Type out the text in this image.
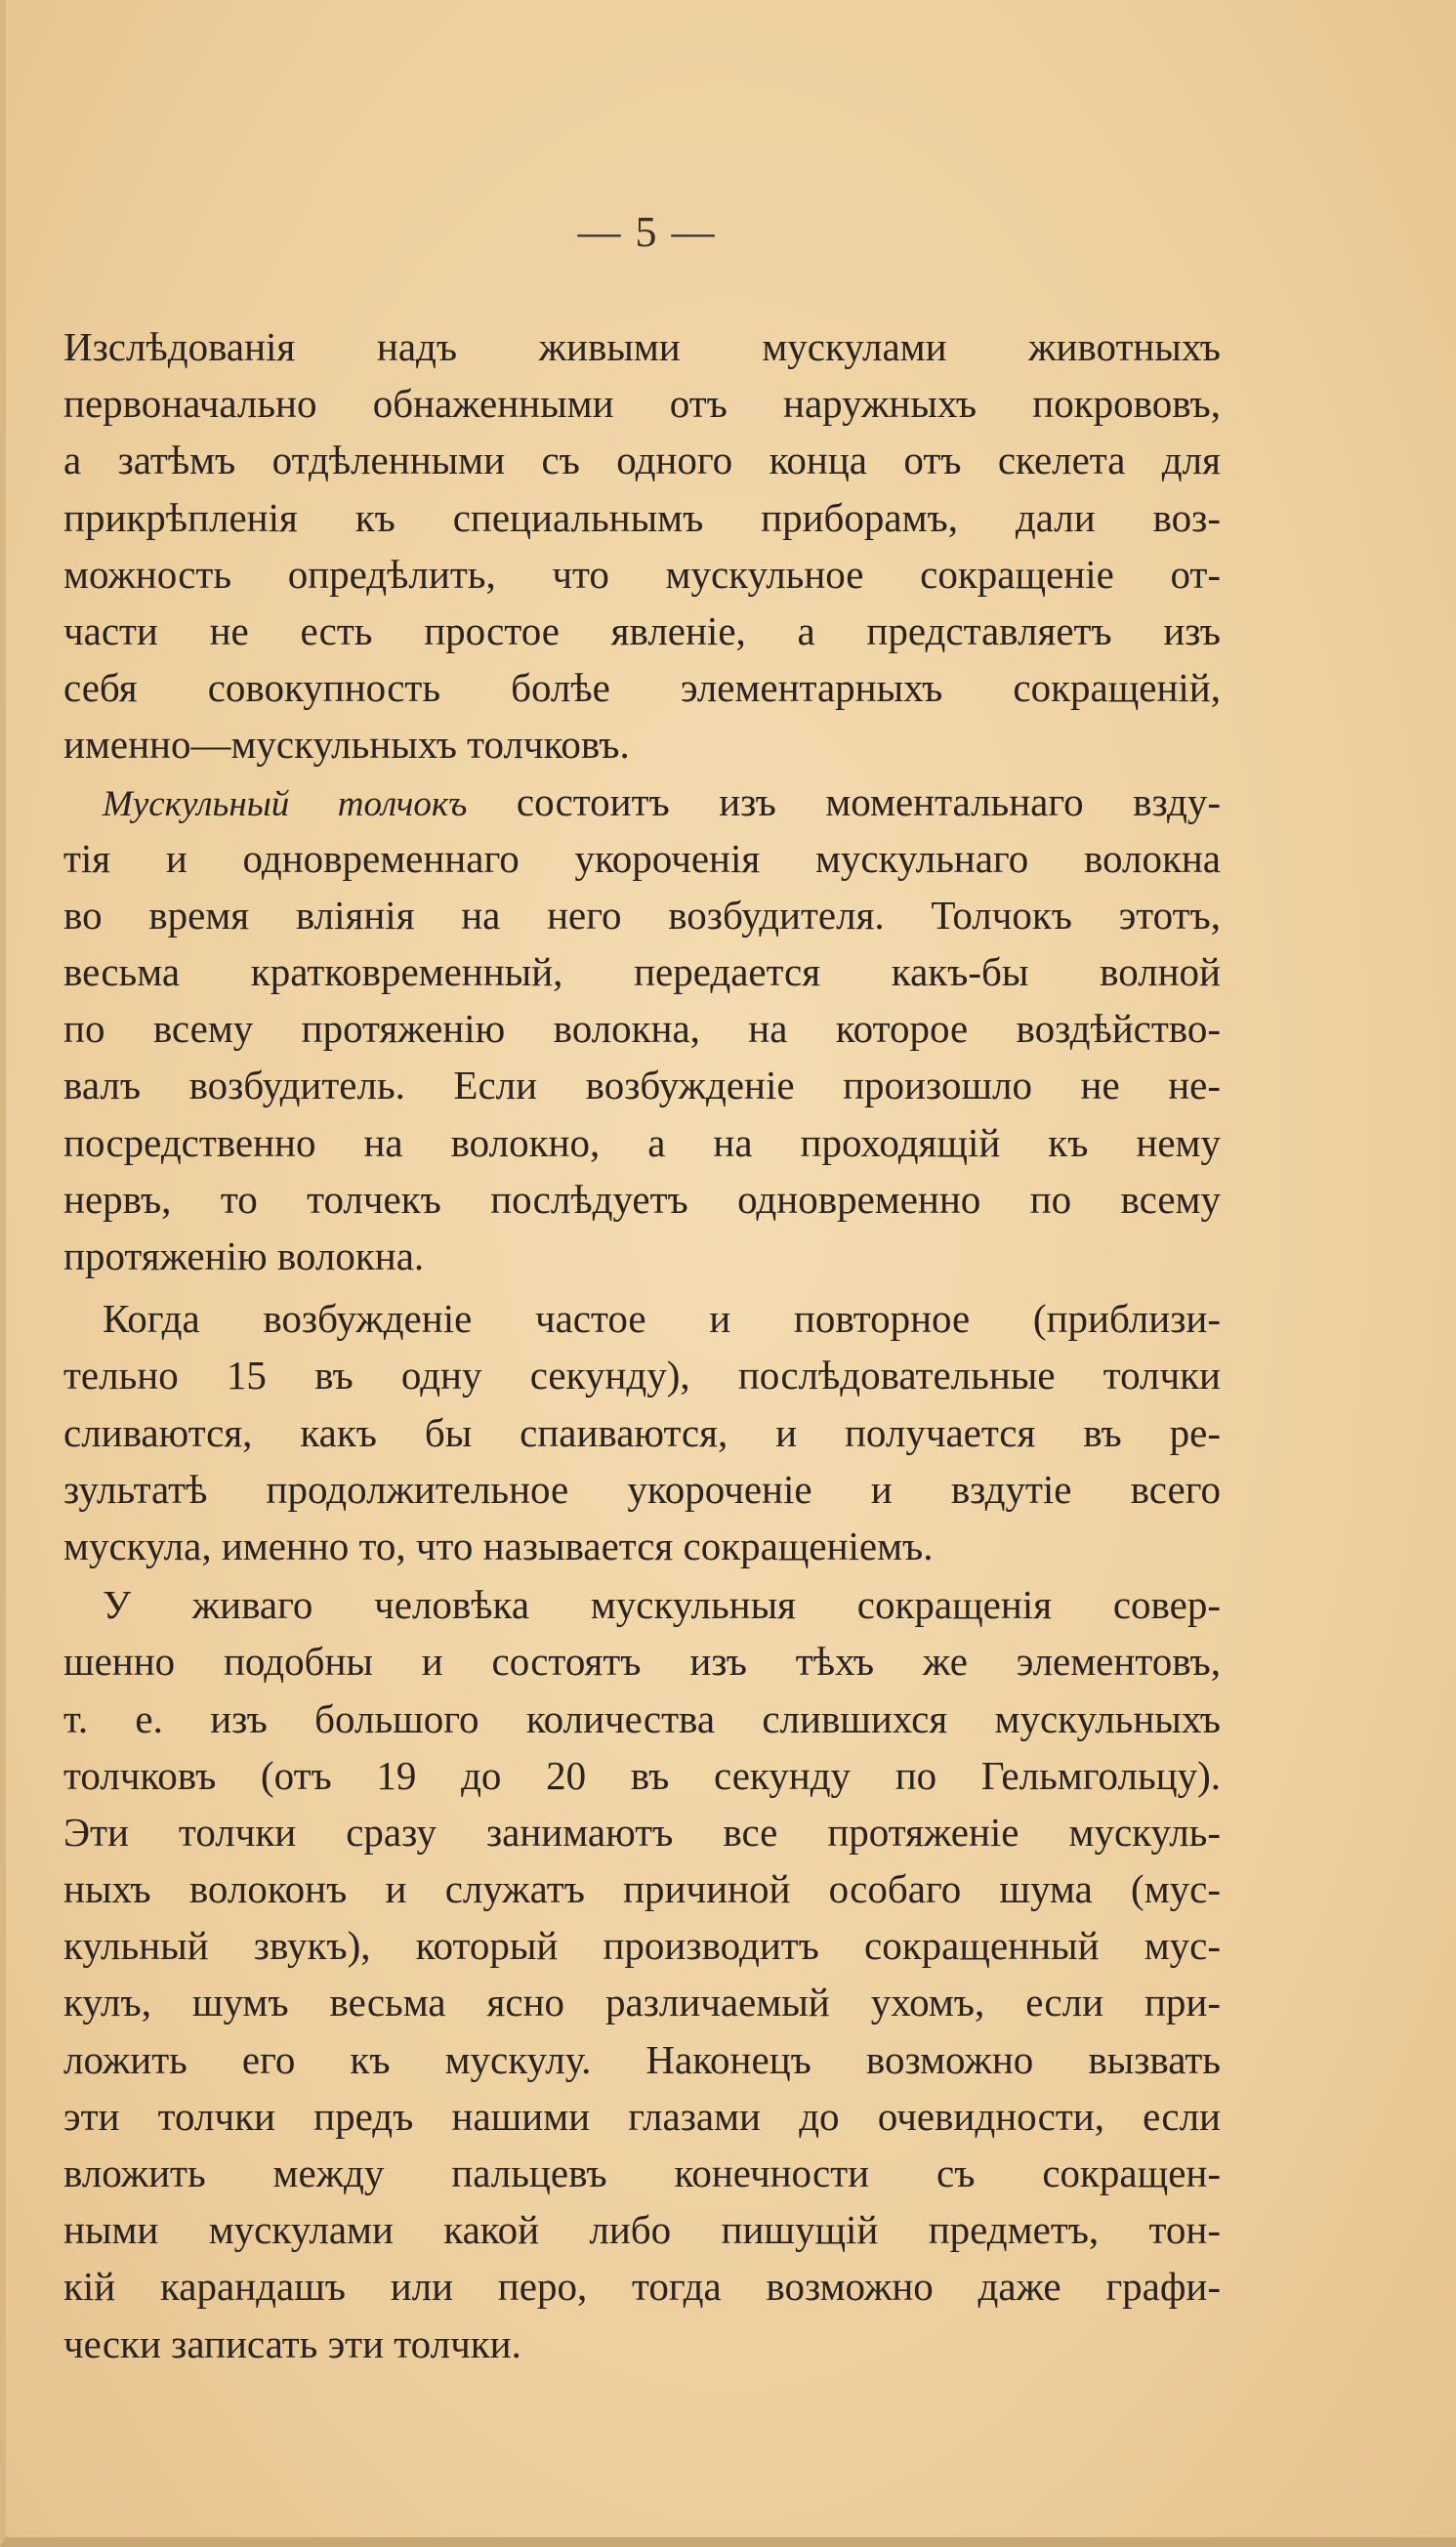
— 5 —
Изслѣдованія надъ живыми мускулами животныхъ
первоначально обнаженными отъ наружныхъ покрововъ,
а затѣмъ отдѣленными съ одного конца отъ скелета для
прикрѣпленія къ специальнымъ приборамъ, дали воз-
можность опредѣлить, что мускульное сокращеніе от-
части не есть простое явленіе, а представляетъ изъ
себя совокупность болѣе элементарныхъ сокращеній,
именно—мускульныхъ толчковъ.
Мускульный толчокъ состоитъ изъ моментальнаго взду-
тія и одновременнаго укороченія мускульнаго волокна
во время вліянія на него возбудителя. Толчокъ этотъ,
весьма кратковременный, передается какъ-бы волной
по всему протяженію волокна, на которое воздѣйство-
валъ возбудитель. Если возбужденіе произошло не не-
посредственно на волокно, а на проходящій къ нему
нервъ, то толчекъ послѣдуетъ одновременно по всему
протяженію волокна.
Когда возбужденіе частое и повторное (приблизи-
тельно 15 въ одну секунду), послѣдовательные толчки
сливаются, какъ бы спаиваются, и получается въ ре-
зультатѣ продолжительное укороченіе и вздутіе всего
мускула, именно то, что называется сокращеніемъ.
У живаго человѣка мускульныя сокращенія совер-
шенно подобны и состоятъ изъ тѣхъ же элементовъ,
т. е. изъ большого количества слившихся мускульныхъ
толчковъ (отъ 19 до 20 въ секунду по Гельмгольцу).
Эти толчки сразу занимаютъ все протяженіе мускуль-
ныхъ волоконъ и служатъ причиной особаго шума (мус-
кульный звукъ), который производитъ сокращенный мус-
кулъ, шумъ весьма ясно различаемый ухомъ, если при-
ложить его къ мускулу. Наконецъ возможно вызвать
эти толчки предъ нашими глазами до очевидности, если
вложить между пальцевъ конечности съ сокращен-
ными мускулами какой либо пишущій предметъ, тон-
кій карандашъ или перо, тогда возможно даже графи-
чески записать эти толчки.
